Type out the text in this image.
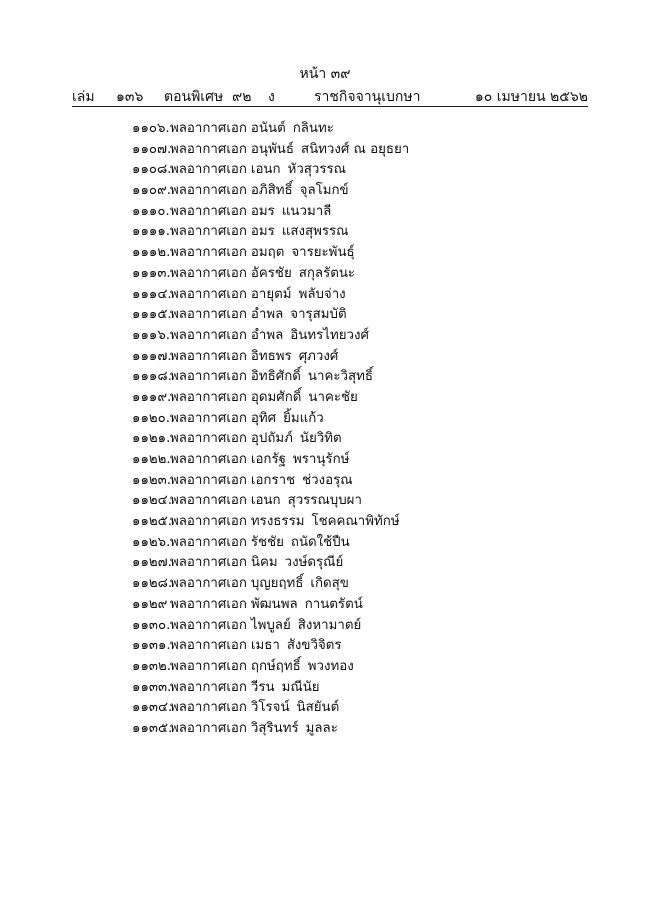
หน้า ๓๙
เล่ม ๑๓๖ ตอนพิเศษ ๙๒ ง	ราชกิจจานุเบกษา	๑๐ เมษายน ๒๕๖๒
๑๑๐๖.พลอากาศเอก อนันต์ กลินทะ
๑๑๐๗.พลอากาศเอก อนุพันธ์ สนิทวงศ์ ณ อยุธยา
๑๑๐๘.พลอากาศเอก เอนก หัวสุวรรณ
๑๑๐๙.พลอากาศเอก อภิสิทธิ์ จุลโมกข์
๑๑๑๐.พลอากาศเอก อมร แนวมาลี
๑๑๑๑.พลอากาศเอก อมร แสงสุพรรณ
๑๑๑๒.พลอากาศเอก อมฤต จารยะพันธุ์
๑๑๑๓.พลอากาศเอก อัครชัย สกุลรัตนะ
๑๑๑๔.พลอากาศเอก อายุตม์ พลับจ่าง
๑๑๑๕.พลอากาศเอก อำพล จารุสมบัติ
๑๑๑๖.พลอากาศเอก อำพล อินทรไทยวงศ์
๑๑๑๗.พลอากาศเอก อิทธพร ศุภวงศ์
๑๑๑๘.พลอากาศเอก อิทธิศักดิ์ นาคะวิสุทธิ์
๑๑๑๙.พลอากาศเอก อุดมศักดิ์ นาคะชัย
๑๑๒๐.พลอากาศเอก อุทิศ ยิ้มแก้ว
๑๑๒๑.พลอากาศเอก อุปถัมภ์ นัยวิทิต
๑๑๒๒.พลอากาศเอก เอกรัฐ พรานุรักษ์
๑๑๒๓.พลอากาศเอก เอกราช ช่วงอรุณ
๑๑๒๔.พลอากาศเอก เอนก สุวรรณบุบผา
๑๑๒๕.พลอากาศเอก ทรงธรรม โชคคณาพิทักษ์
๑๑๒๖.พลอากาศเอก รัชชัย ถนัดใช้ปืน
๑๑๒๗.พลอากาศเอก นิคม วงษ์ดรุณีย์
๑๑๒๘.พลอากาศเอก บุญยฤทธิ์ เกิดสุข
๑๑๒๙ พลอากาศเอก พัฒนพล กานตรัตน์
๑๑๓๐.พลอากาศเอก ไพบูลย์ สิงหามาตย์
๑๑๓๑.พลอากาศเอก เมธา สังขวิจิตร
๑๑๓๒.พลอากาศเอก ฤกษ์ฤทธิ์ พวงทอง
๑๑๓๓.พลอากาศเอก วีรน มณีนัย
๑๑๓๔.พลอากาศเอก วิโรจน์ นิสยันต์
๑๑๓๕.พลอากาศเอก วิสุรินทร์ มูลละ
